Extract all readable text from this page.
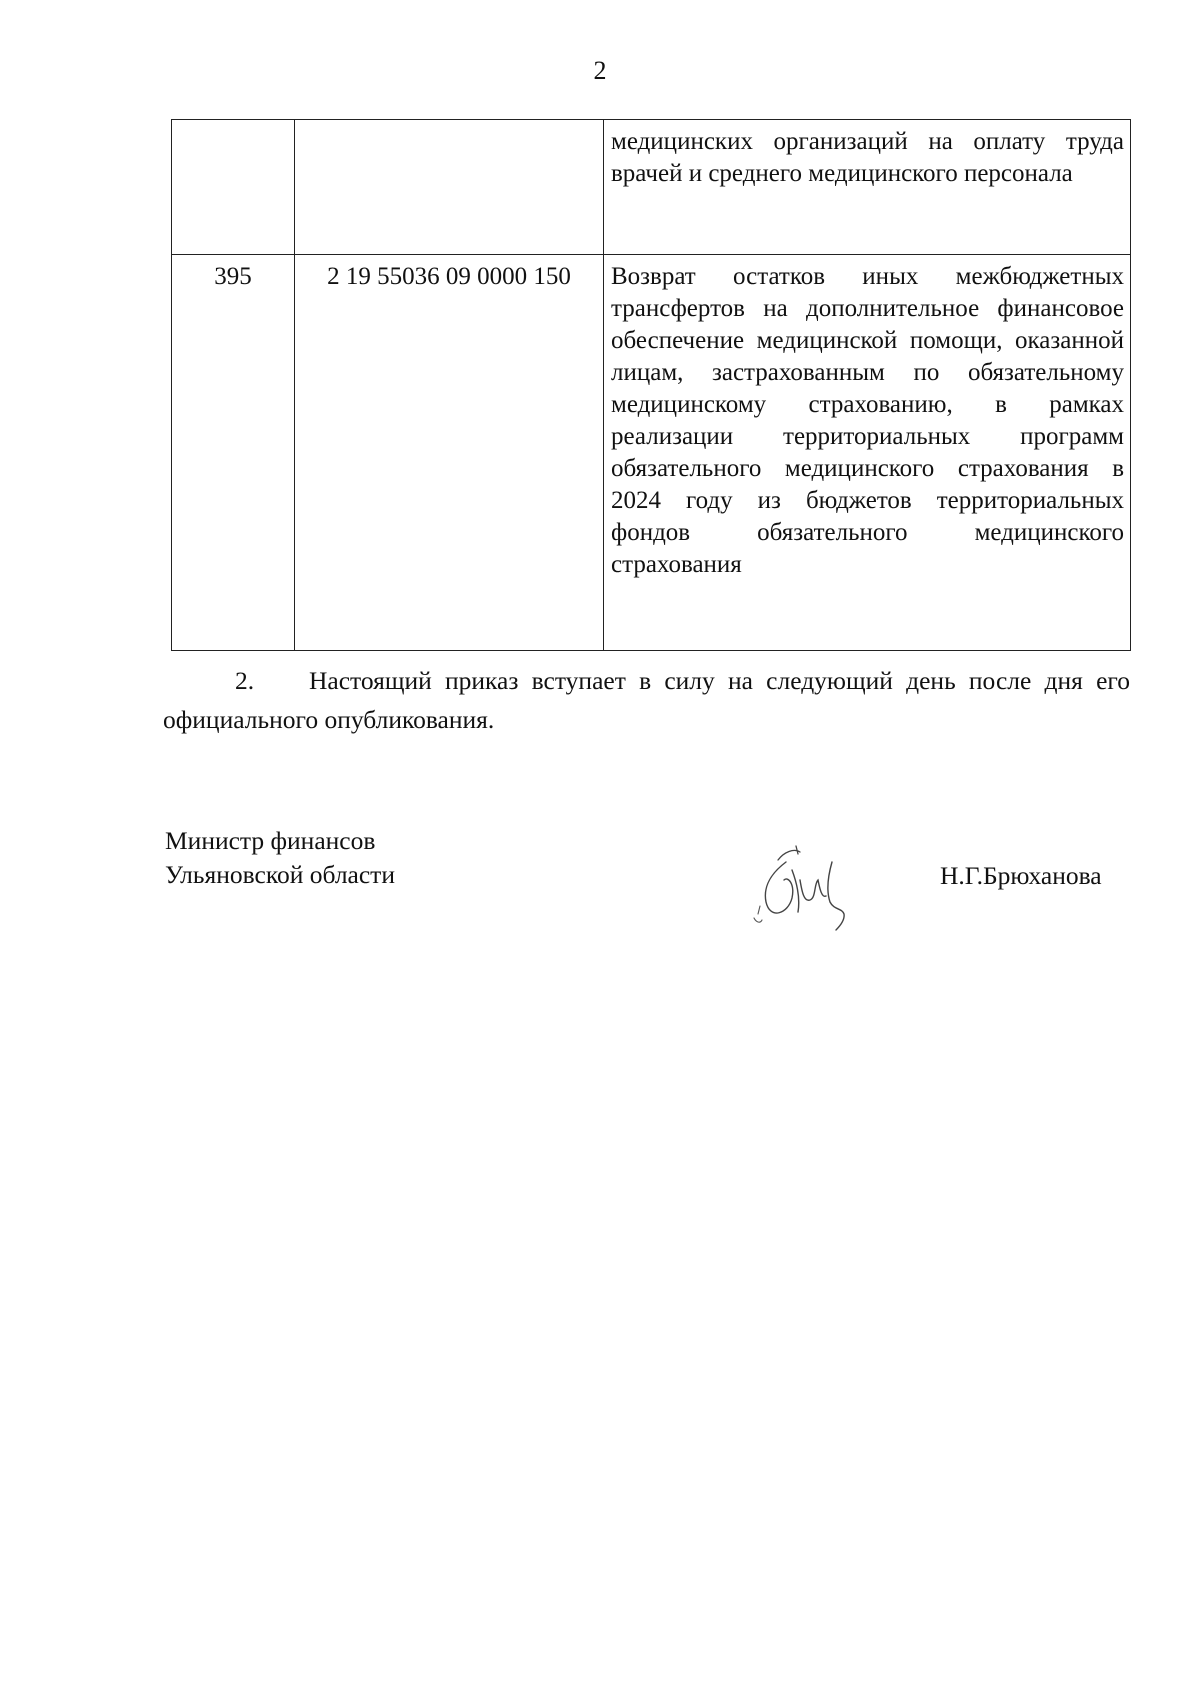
2
		медицинских организаций на оплату труда врачей и среднего медицинского персонала
395	2 19 55036 09 0000 150	Возврат остатков иных межбюджетных трансфертов на дополнительное финансовое обеспечение медицинской помощи, оказанной лицам, застрахованным по обязательному медицинскому страхованию, в рамках реализации территориальных программ обязательного медицинского страхования в 2024 году из бюджетов территориальных фондов обязательного медицинского страхования
2. Настоящий приказ вступает в силу на следующий день после дня его официального опубликования.
Министр финансов
Ульяновской области	Н.Г.Брюханова
